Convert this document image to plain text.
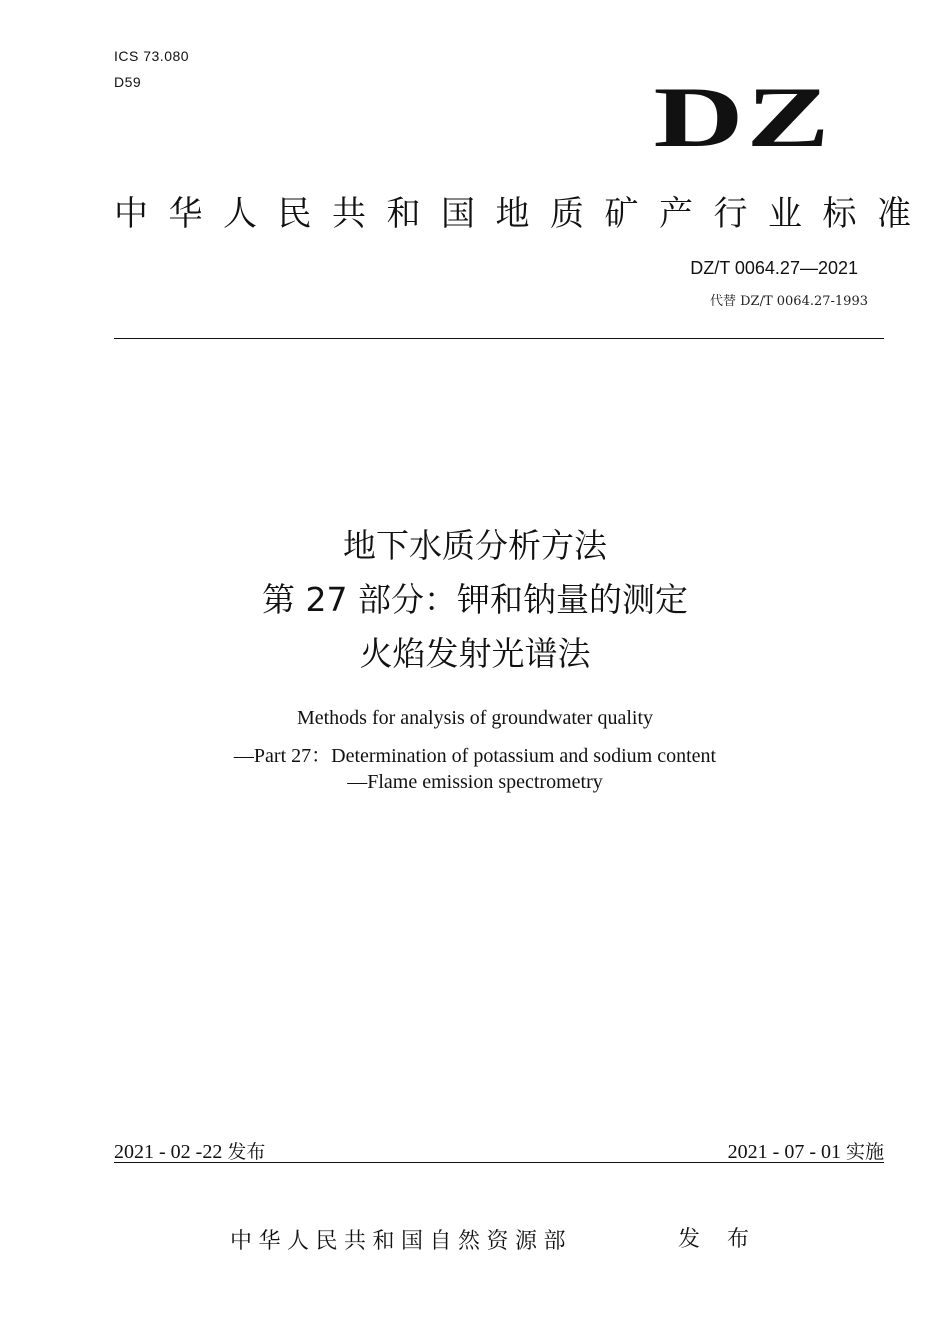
ICS 73.080
D59	DZ
中华人民共和国地质矿产行业标准
DZ/T 0064.27—2021
代替 DZ/T 0064.27-1993
地下水质分析方法
第 27 部分：钾和钠量的测定
火焰发射光谱法
Methods for analysis of groundwater quality
—Part 27：Determination of potassium and sodium content
—Flame emission spectrometry
2021 - 02 -22 发布	2021 - 07 - 01 实施
中华人民共和国自然资源部	发 布
